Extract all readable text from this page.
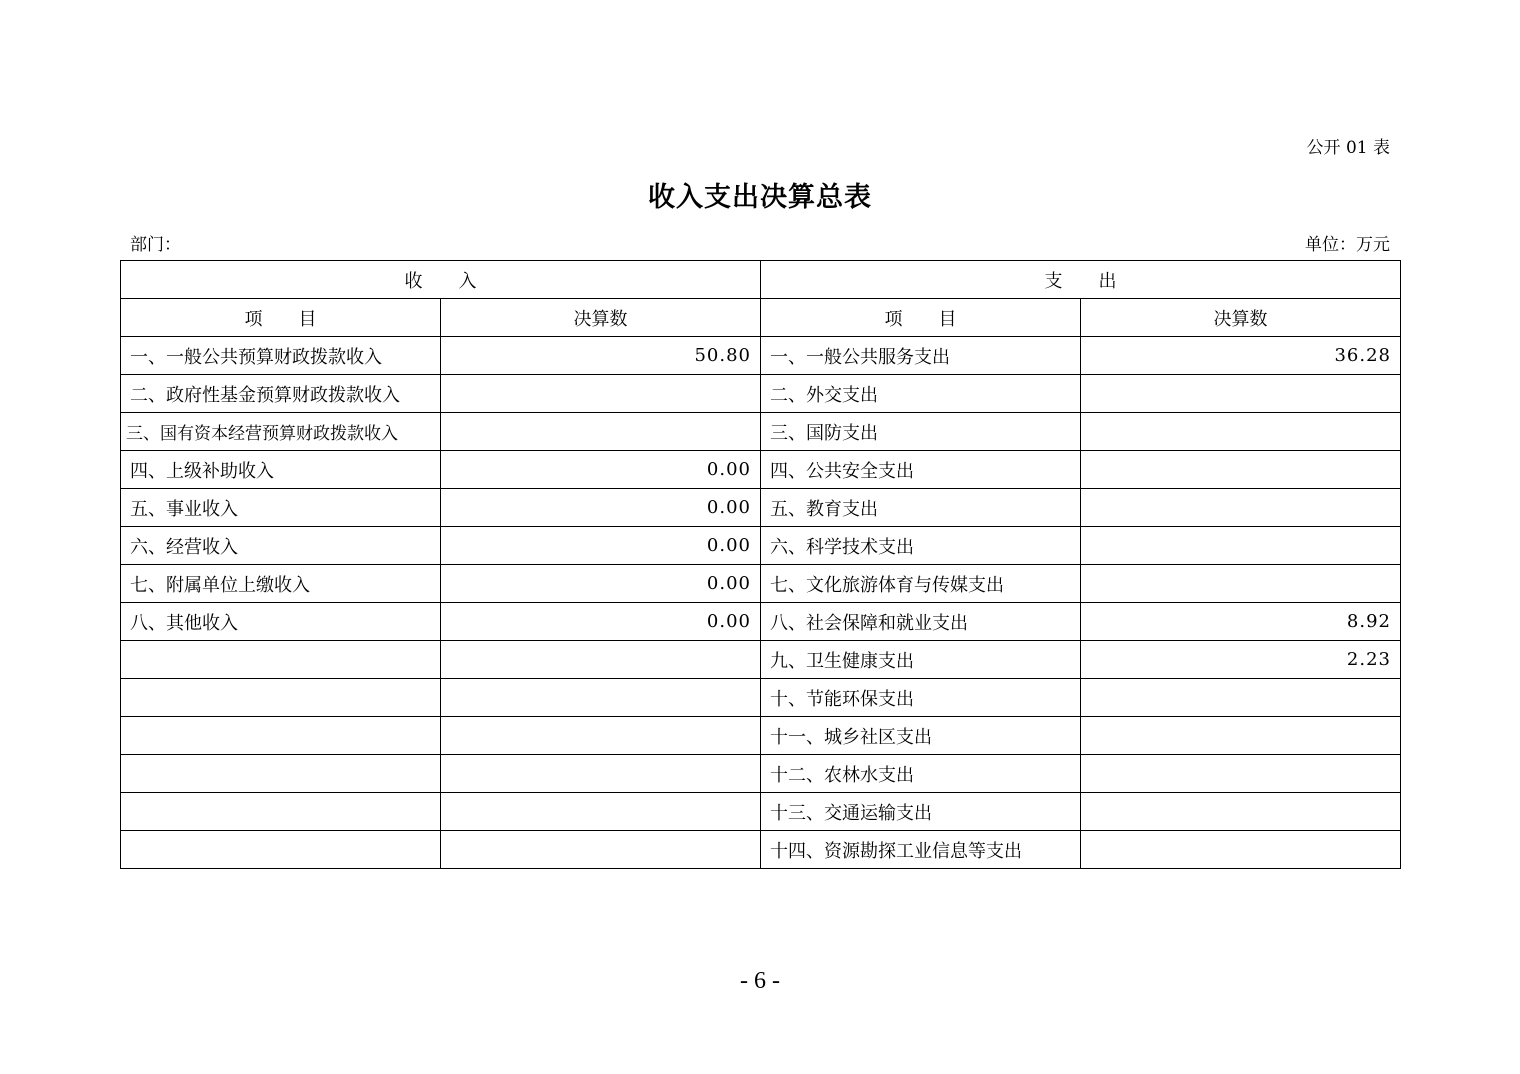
公开 01 表
收入支出决算总表
部门：	单位：万元
收　　入		支　　出	
项　　目	决算数	项　　目	决算数
一、一般公共预算财政拨款收入	50.80	一、一般公共服务支出	36.28
二、政府性基金预算财政拨款收入		二、外交支出	
三、国有资本经营预算财政拨款收入		三、国防支出	
四、上级补助收入	0.00	四、公共安全支出	
五、事业收入	0.00	五、教育支出	
六、经营收入	0.00	六、科学技术支出	
七、附属单位上缴收入	0.00	七、文化旅游体育与传媒支出	
八、其他收入	0.00	八、社会保障和就业支出	8.92
		九、卫生健康支出	2.23
		十、节能环保支出	
		十一、城乡社区支出	
		十二、农林水支出	
		十三、交通运输支出	
		十四、资源勘探工业信息等支出	
- 6 -
